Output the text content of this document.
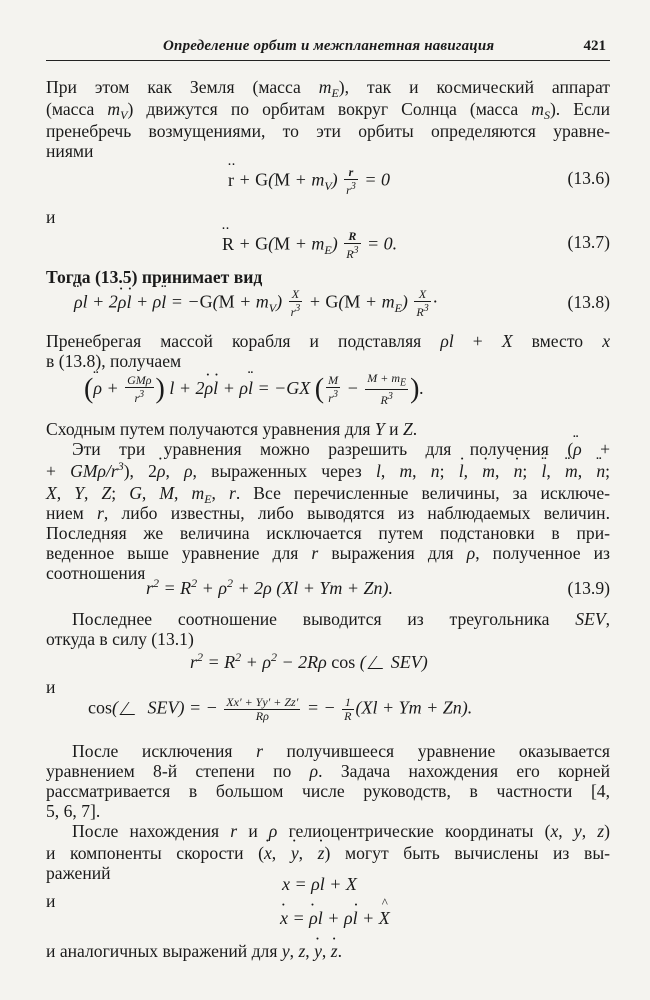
Определение орбит и межпланетная навигация	421
При этом как Земля (масса $m_E$), так и космический аппарат
(масса $m_V$) движутся по орбитам вокруг Солнца (масса $m_S$). Если
пренебречь возмущениями, то эти орбиты определяются уравне-
ниями
·· $r + G(M + m_V) \frac{r}{r^3} = 0$	(13.6)
и
·· $R + G(M + m_E) \frac{R}{R^3} = 0$.	(13.7)
Тогда (13.5) принимает вид
·· $\rho l + 2\cdot \rho\cdot l + \rho\cdot\cdot l = -G(M + m_V) \frac{X}{r^3} + G(M + m_E) \frac{X}{R^3}$ ·	(13.8)
Пренебрегая массой корабля и подставляя ρl + X вместо x
в (13.8), получаем
(·· $\rho + \frac{\text{GMρ}}{r^3}$ ) l + 2· ρ· l + ρ·· l = −GX ( $\frac{M}{r^3} - \frac{M + m_E}{R^3}$ ).
Сходным путем получаются уравнения для Y и Z.
Эти три уравнения можно разрешить для получения (·· ρ +
+ GMρ/$r^3$), 2· ρ, ρ, выраженных через l, m, n; · l, · m, · n; ·· l, ·· m, ·· n;
X, Y, Z; G, M, $m_E$, r. Все перечисленные величины, за исключе-
нием r, либо известны, либо выводятся из наблюдаемых величин.
Последняя же величина исключается путем подстановки в при-
веденное выше уравнение для r выражения для ρ, полученное из
соотношения
$r^2 = R^2 + \rho^2 + 2\rho$ (Xl + Ym + Zn).	(13.9)
Последнее соотношение выводится из треугольника SEV,
откуда в силу (13.1)
$r^2 = R^2 + \rho^2 - 2R\rho$ cos ( SEV)
и
cos( SEV) = − $\frac{Xx' + Yy' + Zz'}{R\rho}$ = − $\frac{1}{R} (Xl + Ym + Zn)$.
После исключения r получившееся уравнение оказывается
уравнением 8-й степени по ρ. Задача нахождения его корней
рассматривается в большом числе руководств, в частности [4,
5, 6, 7].
После нахождения r и ρ гелиоцентрические координаты (x, y, z)
и компоненты скорости (· x, · y, · z) могут быть вычислены из вы-
ражений
x = ρl + X
и
· x = · ρl + ρ· l + ^ X
и аналогичных выражений для y, z, · y, · z.
